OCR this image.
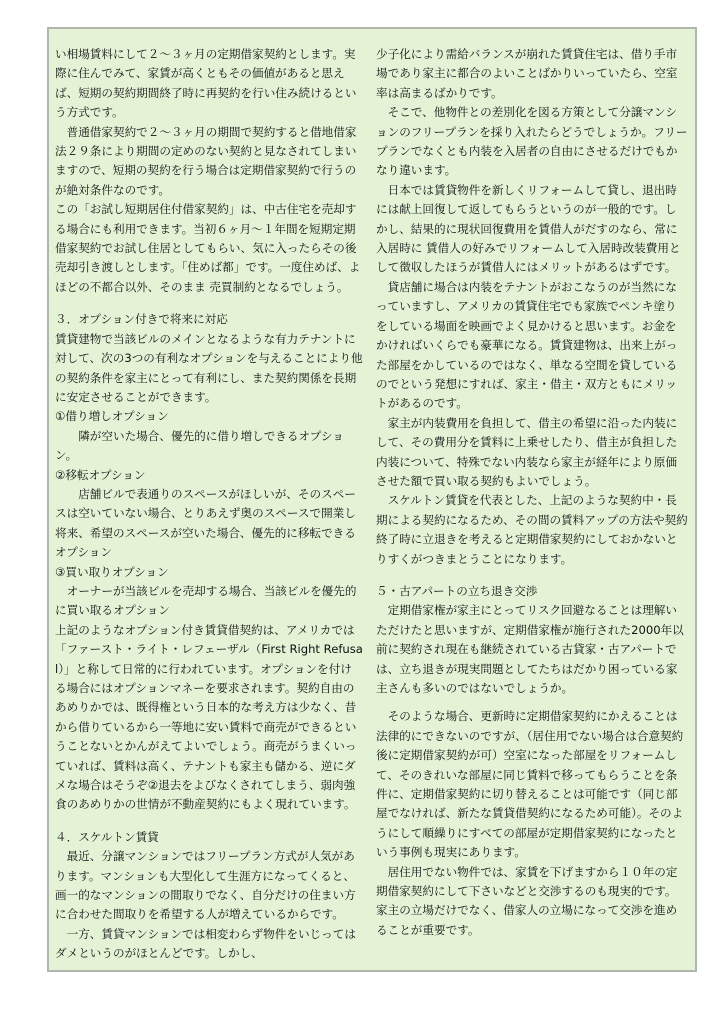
い相場賃料にして２〜３ヶ月の定期借家契約とします。実際に住んでみて、家賃が高くともその価値があると思えば、短期の契約期間終了時に再契約を行い住み続けるという方式です。

　普通借家契約で２〜３ヶ月の期間で契約すると借地借家法２９条により期間の定めのない契約と見なされてしまいますので、短期の契約を行う場合は定期借家契約で行うのが絶対条件なのです。

この「お試し短期居住付借家契約」は、中古住宅を売却する場合にも利用できます。当初６ヶ月〜１年間を短期定期借家契約でお試し住居としてもらい、気に入ったらその後売却引き渡しとします。「住めば都」です。一度住めば、よほどの不都合以外、そのまま 売買制約となるでしょう。

３．オプション付きで将来に対応

賃貸建物で当該ビルのメインとなるような有力テナントに対して、次の3つの有利なオプションを与えることにより他の契約条件を家主にとって有利にし、また契約関係を長期に安定させることができます。

①借り増しオプション

　　隣が空いた場合、優先的に借り増しできるオプション。

②移転オプション

　　店舗ビルで表通りのスペースがほしいが、そのスペースは空いていない場合、とりあえず奥のスペースで開業し将来、希望のスペースが空いた場合、優先的に移転できるオプション

③買い取りオプション

　オーナーが当該ビルを売却する場合、当該ビルを優先的に買い取るオプション

上記のようなオプション付き賃貸借契約は、アメリカでは「ファースト・ライト・レフェーザル（First Right Refusal）」と称して日常的に行われています。オプションを付ける場合にはオプションマネーを要求されます。契約自由のあめりかでは、既得権という日本的な考え方は少なく、昔から借りているから一等地に安い賃料で商売ができるということないとかんがえてよいでしょう。商売がうまくいっていれば、賃料は高く、テナントも家主も儲かる、逆にダメな場合はそうぞ②退去をよびなくされてしまう、弱肉強食のあめりかの世情が不動産契約にもよく現れています。

４．スケルトン賃貸

　最近、分譲マンションではフリープラン方式が人気があります。マンションも大型化して生涯方になってくると、画一的なマンションの間取りでなく、自分だけの住まい方に合わせた間取りを希望する人が増えているからです。

　一方、賃貸マンションでは相変わらず物件をいじってはダメというのがほとんどです。しかし、

少子化により需給バランスが崩れた賃貸住宅は、借り手市場であり家主に都合のよいことばかりいっていたら、空室率は高まるばかりです。

　そこで、他物件との差別化を図る方策として分譲マンションのフリープランを採り入れたらどうでしょうか。フリープランでなくとも内装を入居者の自由にさせるだけでもかなり違います。

　日本では賃貸物件を新しくリフォームして貸し、退出時には献上回復して返してもらうというのが一般的です。しかし、結果的に現状回復費用を賃借人がだすのなら、常に入居時に 賃借人の好みでリフォームして入居時改装費用として徴収したほうが賃借人にはメリットがあるはずです。

　貸店舗に場合は内装をテナントがおこなうのが当然になっていますし、アメリカの賃貸住宅でも家族でペンキ塗りをしている場面を映画でよく見かけると思います。お金をかければいくらでも豪華になる。賃貸建物は、出来上がった部屋をかしているのではなく、単なる空間を貸しているのでという発想にすれば、家主・借主・双方ともにメリットがあるのです。

　家主が内装費用を負担して、借主の希望に沿った内装にして、その費用分を賃料に上乗せしたり、借主が負担した内装について、特殊でない内装なら家主が経年により原価させた額で買い取る契約もよいでしょう。

　スケルトン賃貸を代表とした、上記のような契約中・長期による契約になるため、その間の賃料アップの方法や契約終了時に立退きを考えると定期借家契約にしておかないとりすくがつきまとうことになります。

５・古アパートの立ち退き交渉

　定期借家権が家主にとってリスク回避なることは理解いただけたと思いますが、定期借家権が施行された2000年以前に契約され現在も継続されている古貸家・古アパートでは、立ち退きが現実問題としてたちはだかり困っている家主さんも多いのではないでしょうか。

　そのような場合、更新時に定期借家契約にかえることは法律的にできないのですが、（居住用でない場合は合意契約後に定期借家契約が可）空室になった部屋をリフォームして、そのきれいな部屋に同じ賃料で移ってもらうことを条件に、定期借家契約に切り替えることは可能です（同じ部屋でなければ、新たな賃貸借契約になるため可能）。そのようにして順繰りにすべての部屋が定期借家契約になったという事例も現実にあります。

　居住用でない物件では、家賃を下げますから１０年の定期借家契約にして下さいなどと交渉するのも現実的です。家主の立場だけでなく、借家人の立場になって交渉を進めることが重要です。
